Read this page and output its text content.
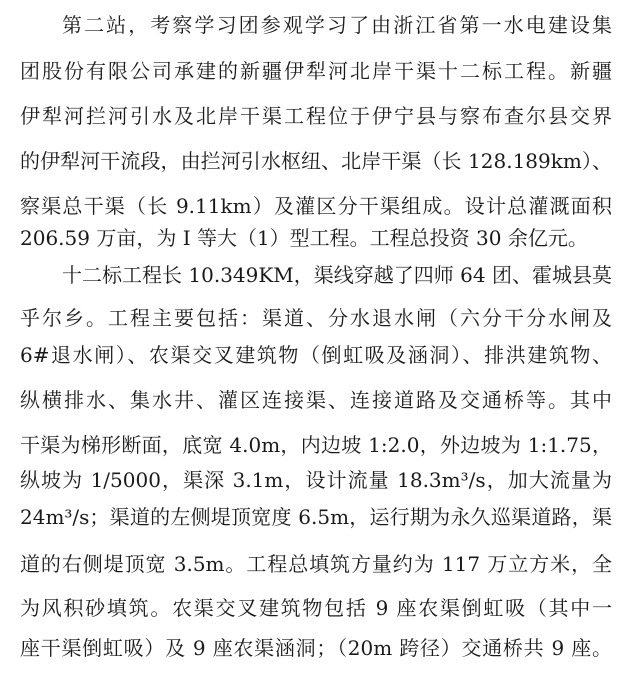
第二站，考察学习团参观学习了由浙江省第一水电建设集
团股份有限公司承建的新疆伊犁河北岸干渠十二标工程。新疆
伊犁河拦河引水及北岸干渠工程位于伊宁县与察布查尔县交界
的伊犁河干流段，由拦河引水枢纽、北岸干渠（长 128.189km）、
察渠总干渠（长 9.11km）及灌区分干渠组成。设计总灌溉面积
206.59 万亩，为 I 等大（1）型工程。工程总投资 30 余亿元。
十二标工程长 10.349KM，渠线穿越了四师 64 团、霍城县莫
乎尔乡。工程主要包括：渠道、分水退水闸（六分干分水闸及
6#退水闸）、农渠交叉建筑物（倒虹吸及涵洞）、排洪建筑物、
纵横排水、集水井、灌区连接渠、连接道路及交通桥等。其中
干渠为梯形断面，底宽 4.0m，内边坡 1:2.0，外边坡为 1:1.75，
纵坡为 1/5000，渠深 3.1m，设计流量 18.3m³/s，加大流量为
24m³/s；渠道的左侧堤顶宽度 6.5m，运行期为永久巡渠道路，渠
道的右侧堤顶宽 3.5m。工程总填筑方量约为 117 万立方米，全
为风积砂填筑。农渠交叉建筑物包括 9 座农渠倒虹吸（其中一
座干渠倒虹吸）及 9 座农渠涵洞；（20m 跨径）交通桥共 9 座。
